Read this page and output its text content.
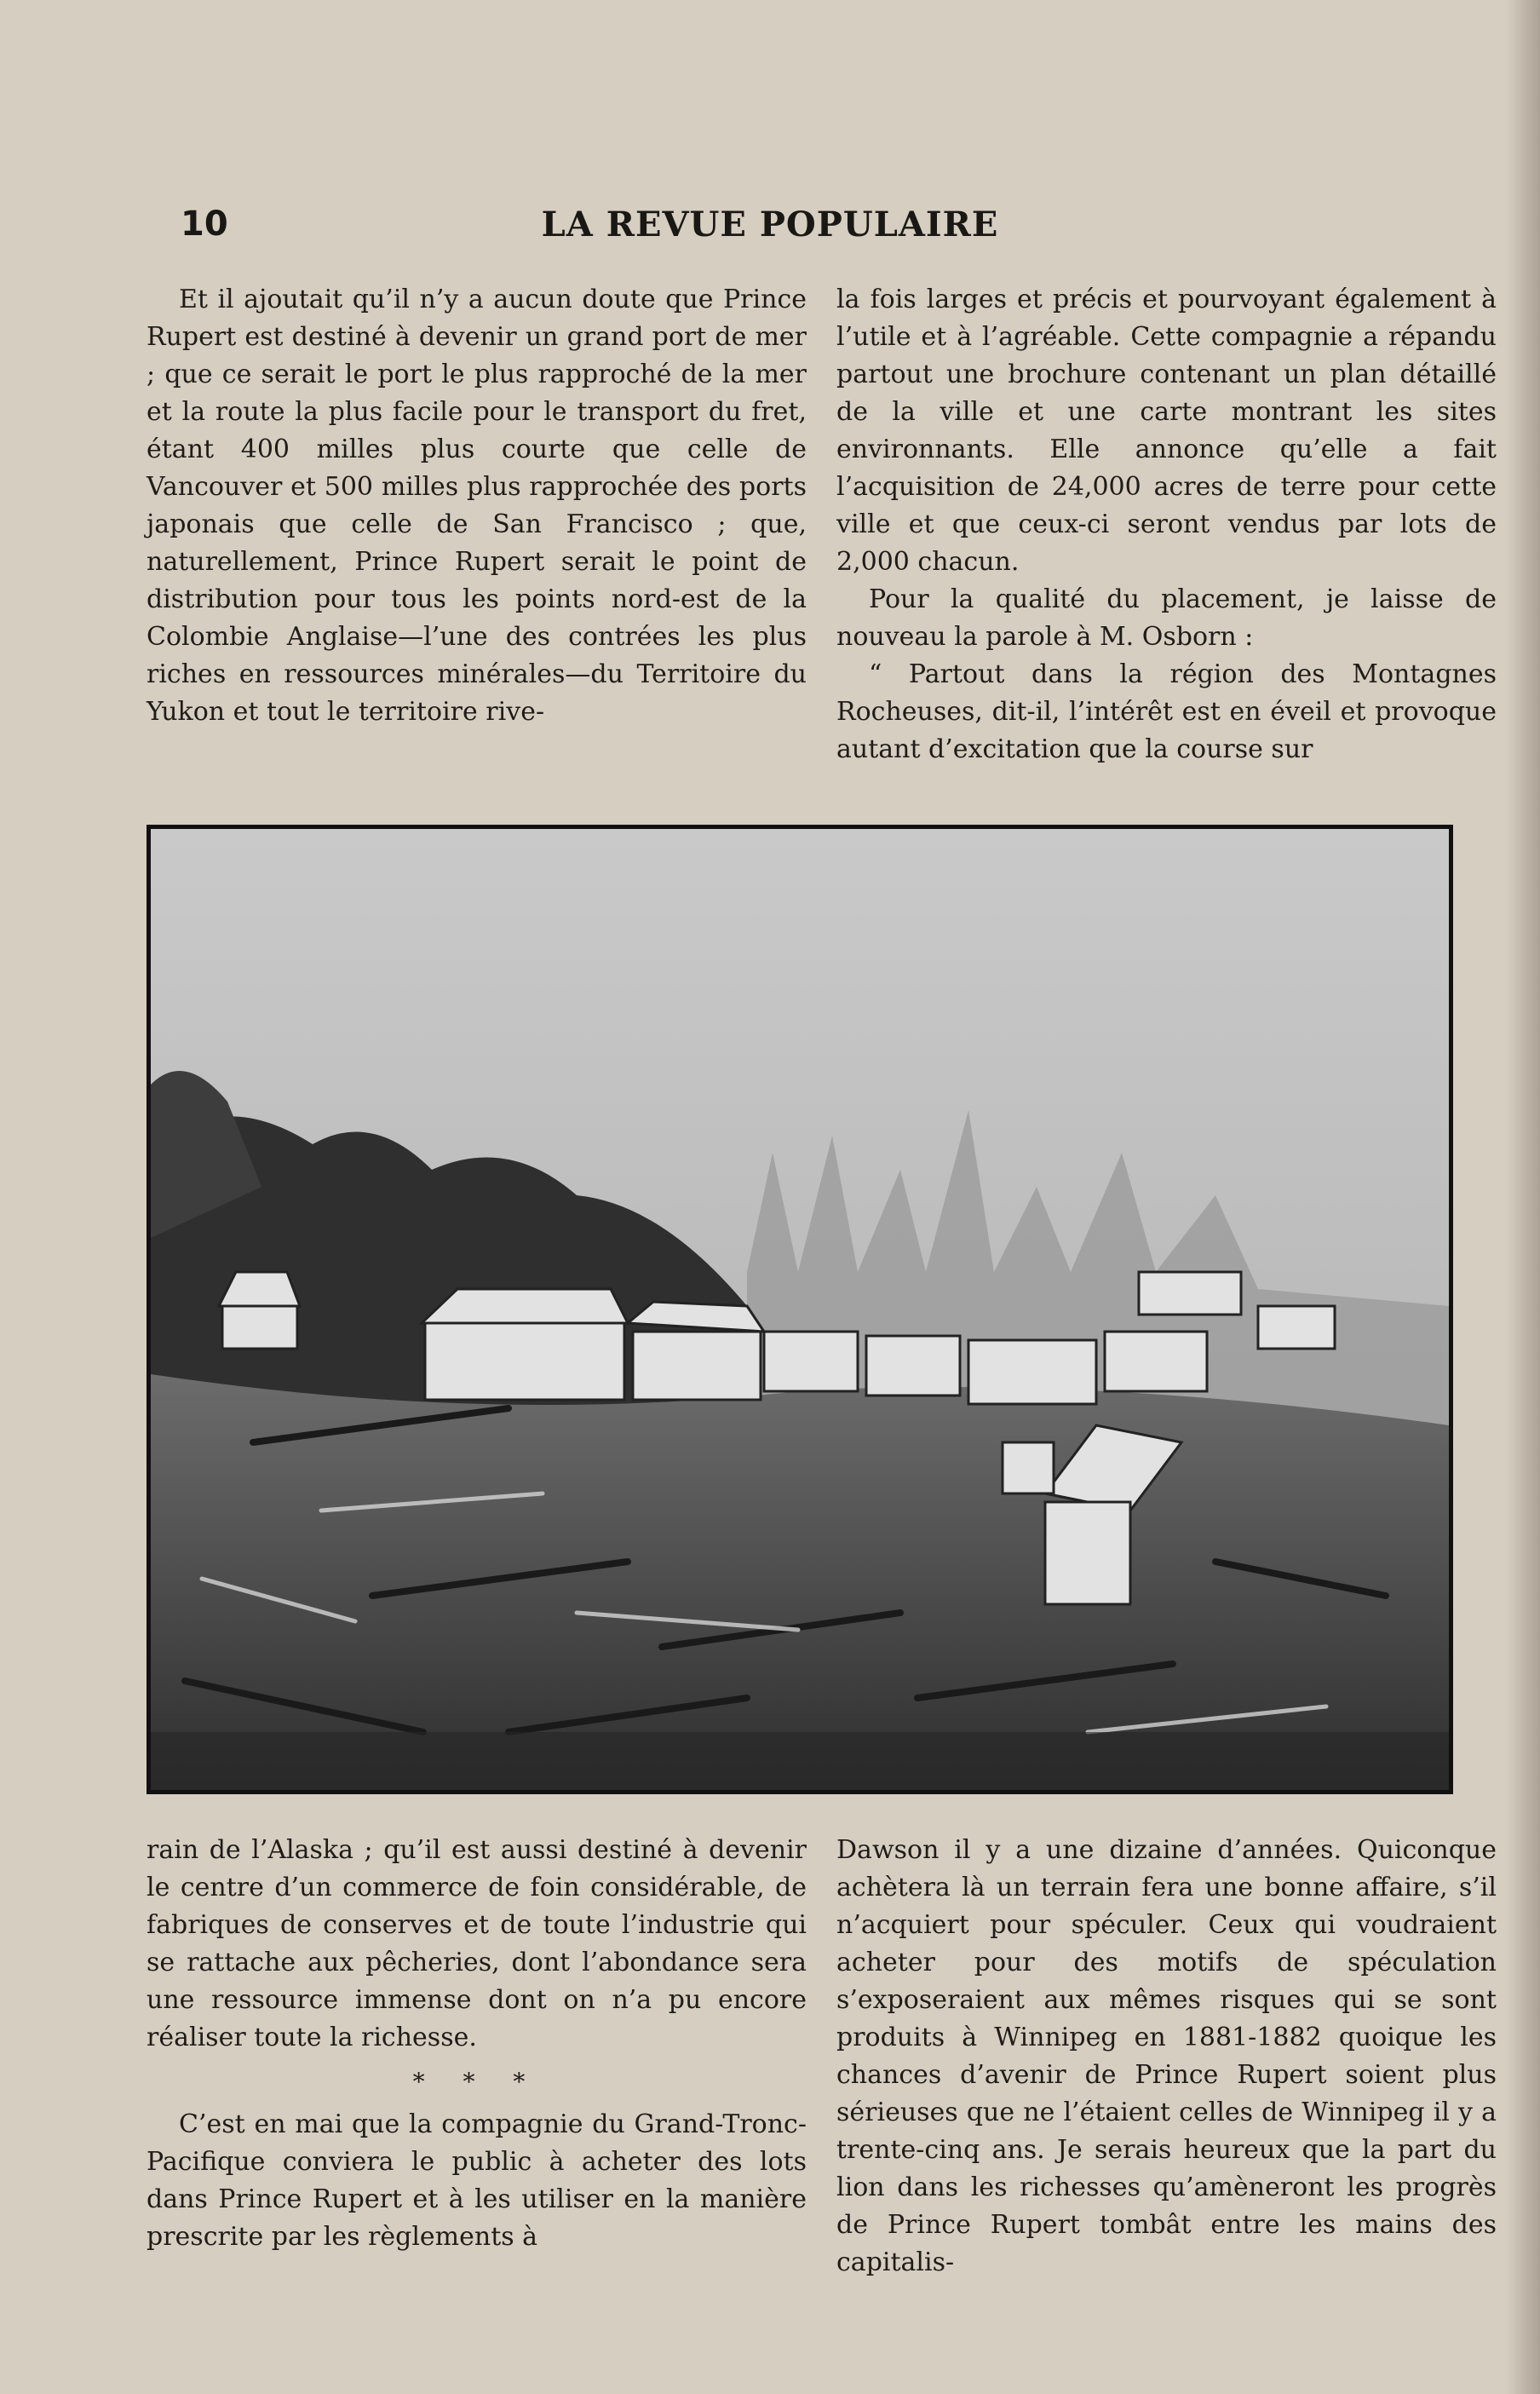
10	LA REVUE POPULAIRE

Et il ajoutait qu’il n’y a aucun doute que Prince Rupert est destiné à devenir un grand port de mer ; que ce serait le port le plus rapproché de la mer et la route la plus facile pour le transport du fret, étant 400 milles plus courte que celle de Vancouver et 500 milles plus rapprochée des ports japonais que celle de San Francisco ; que, naturellement, Prince Rupert serait le point de distribution pour tous les points nord-est de la Colombie Anglaise—l’une des contrées les plus riches en ressources minérales—du Territoire du Yukon et tout le territoire rive-

la fois larges et précis et pourvoyant également à l’utile et à l’agréable. Cette compagnie a répandu partout une brochure contenant un plan détaillé de la ville et une carte montrant les sites environnants. Elle annonce qu’elle a fait l’acquisition de 24,000 acres de terre pour cette ville et que ceux-ci seront vendus par lots de 2,000 chacun.

Pour la qualité du placement, je laisse de nouveau la parole à M. Osborn :

“ Partout dans la région des Montagnes Rocheuses, dit-il, l’intérêt est en éveil et provoque autant d’excitation que la course sur

rain de l’Alaska ; qu’il est aussi destiné à devenir le centre d’un commerce de foin considérable, de fabriques de conserves et de toute l’industrie qui se rattache aux pêcheries, dont l’abondance sera une ressource immense dont on n’a pu encore réaliser toute la richesse.

* * *

C’est en mai que la compagnie du Grand-Tronc-Pacifique conviera le public à acheter des lots dans Prince Rupert et à les utiliser en la manière prescrite par les règlements à

Dawson il y a une dizaine d’années. Quiconque achètera là un terrain fera une bonne affaire, s’il n’acquiert pour spéculer. Ceux qui voudraient acheter pour des motifs de spéculation s’exposeraient aux mêmes risques qui se sont produits à Winnipeg en 1881-1882 quoique les chances d’avenir de Prince Rupert soient plus sérieuses que ne l’étaient celles de Winnipeg il y a trente-cinq ans. Je serais heureux que la part du lion dans les richesses qu’amèneront les progrès de Prince Rupert tombât entre les mains des capitalis-
